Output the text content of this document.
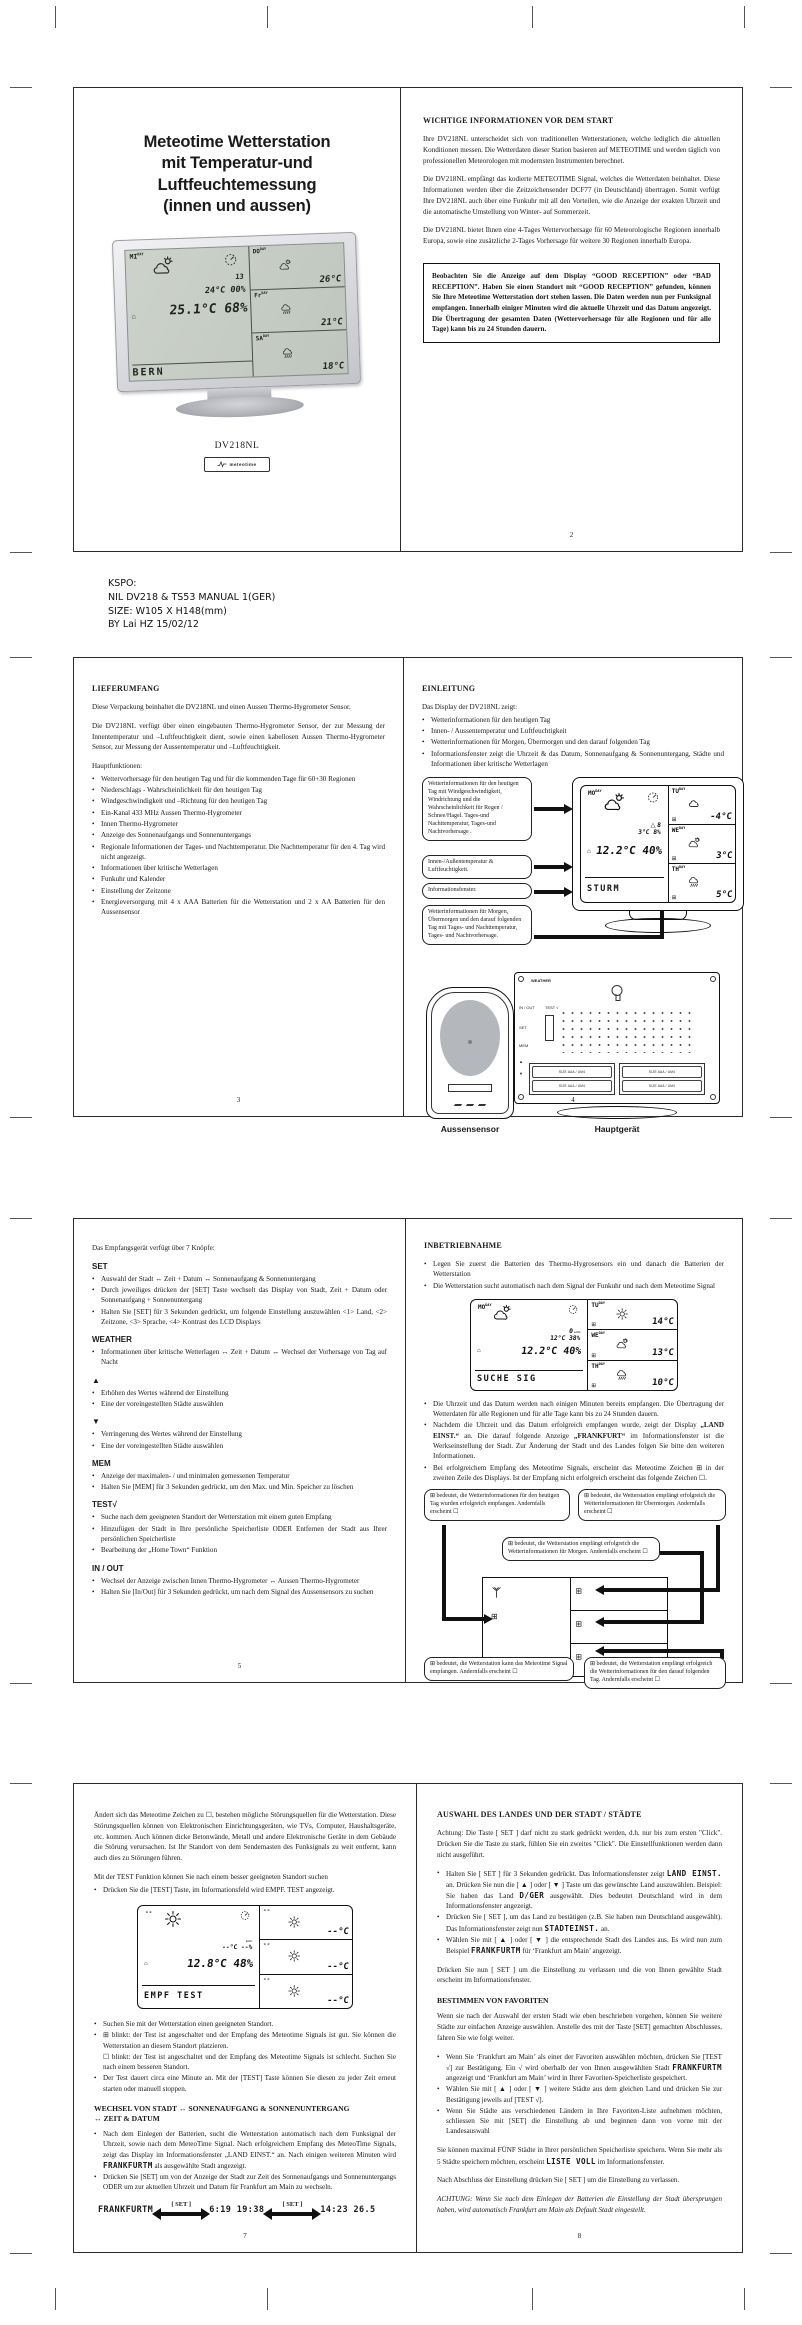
Meteotime Wetterstation
mit Temperatur-und
Luftfeuchtemessung
(innen und aussen)
$MI^{DAY}$
13
24°C 00%
⌂	25.1°C 68%
BERN
$DO^{DAY}$
26°C
$Fr^{DAY}$
21°C
$SA^{DAY}$
18°C
DV218NL
meteotime
WICHTIGE INFORMATIONEN VOR DEM START

Ihre DV218NL unterscheidet sich von traditionellen Wetterstationen, welche lediglich die aktuellen Konditionen messen. Die Wetterdaten dieser Station basieren auf METEOTIME und werden täglich von professionellen Meteorologen mit modernsten Instrumenten berechnet.

Die DV218NL empfängt das kodierte METEOTIME Signal, welches die Wetterdaten beinhaltet. Diese Informationen werden über die Zeitzeichensender DCF77 (in Deutschland) übertragen. Somit verfügt Ihre DV218NL auch über eine Funkuhr mit all den Vorteilen, wie die Anzeige der exakten Uhrzeit und die automatische Umstellung von Winter- auf Sommerzeit.

Die DV218NL bietet Ihnen eine 4-Tages Wettervorhersage für 60 Meteorologische Regionen innerhalb Europa, sowie eine zusätzliche 2-Tages Vorhersage für weitere 30 Regionen innerhalb Europa.

Beobachten Sie die Anzeige auf dem Display “GOOD RECEPTION” oder “BAD RECEPTION”. Haben Sie einen Standort mit “GOOD RECEPTION” gefunden, können Sie Ihre Meteotime Wetterstation dort stehen lassen. Die Daten werden nun per Funksignal empfangen. Innerhalb einiger Minuten wird die aktuelle Uhrzeit und das Datum angezeigt. Die Übertragung der gesamten Daten (Wettervorhersage für alle Regionen und für alle Tage) kann bis zu 24 Stunden dauern.
2
KSPO:
NIL DV218 & TS53 MANUAL 1(GER)
SIZE: W105 X H148(mm)
BY Lai HZ 15/02/12
LIEFERUMFANG

Diese Verpackung beinhaltet die DV218NL und einen Aussen Thermo-Hygrometer Sensor.

Die DV218NL verfügt über einen eingebauten Thermo-Hygrometer Sensor, der zur Messung der Innentemperatur und –Luftfeuchtigkeit dient, sowie einen kabellosen Aussen Thermo-Hygrometer Sensor, zur Messung der Aussentemperatur und –Luftfeuchtigkeit.

Hauptfunktionen:

• Wettervorhersage für den heutigen Tag und für die kommenden Tage für 60+30 Regionen
• Niederschlags - Wahrscheinlichkeit für den heutigen Tag
• Windgeschwindigkeit und –Richtung für den heutigen Tag
• Ein-Kanal 433 MHz Aussen Thermo-Hygrometer
• Innen Thermo-Hygrometer
• Anzeige des Sonnenaufgangs und Sonnenuntergangs
• Regionale Informationen der Tages- und Nachttemperatur. Die Nachttemperatur für den 4. Tag wird nicht angezeigt.
• Informationen über kritische Wetterlagen
• Funkuhr und Kalender
• Einstellung der Zeitzone
• Energieversorgung mit 4 x AAA Batterien für die Wetterstation und 2 x AA Batterien für den Aussensensor
3
EINLEITUNG

Das Display der DV218NL zeigt:

• Wetterinformationen für den heutigen Tag
• Innen- / Aussentemperatur und Luftfeuchtigkeit
• Wetterinformationen für Morgen, Übermorgen und den darauf folgenden Tag
• Informationsfenster zeigt die Uhrzeit & das Datum, Sonnenaufgang & Sonnenuntergang, Städte und Informationen über kritische Wetterlagen
Wetterinformationen für den heutigen Tag mit Windgeschwindigkeit, Windrichtung und die Wahrscheinlichkeit für Regen / Schnee/Hagel. Tages-und Nachttemperatur, Tages-und Nachtvorhersage .
Innen-/Außentemperatur & Luftfeuchtigkeit.
Informationsfenster.
Wetterinformationen für Morgen, Übermorgen und den darauf folgenden Tag mit Tages- und Nachttemperatur, Tages- und Nachtvorhersage.
$MO^{DAY}$
△ 8
3°C 8%
⌂ 12.2°C 40%
STURM
$TU^{DAY}$
⊞	-4°C
$WE^{DAY}$
⊞	3°C
$TH^{DAY}$
⊞	5°C
Aussensensor
WEATHER
IN / OUT	TEST √
SET
MEM
▲
▼	SIZE AAA / UM4
SIZE AAA / UM4
SIZE AAA / UM4
SIZE AAA / UM4
Hauptgerät
4

Das Empfangsgerät verfügt über 7 Knöpfe:

SET
• Auswahl der Stadt ↔ Zeit + Datum ↔ Sonnenaufgang & Sonnenuntergang
• Durch jeweiliges drücken der [SET] Taste wechselt das Display von Stadt, Zeit + Datum oder Sonnenaufgang + Sonnenuntergang
• Halten Sie [SET] für 3 Sekunden gedrückt, um folgende Einstellung auszuwählen <1> Land, <2> Zeitzone, <3> Sprache, <4> Kontrast des LCD Displays
WEATHER
• Informationen über kritische Wetterlagen ↔ Zeit + Datum ↔ Wechsel der Vorhersage von Tag auf Nacht
▲
• Erhöhen des Wertes während der Einstellung
• Eine der voreingestellten Städte auswählen
▼
• Verringerung des Wertes während der Einstellung
• Eine der voreingestellten Städte auswählen
MEM
• Anzeige der maximalen- / und minimalen gemessenen Temperatur
• Halten Sie [MEM] für 3 Sekunden gedrückt, um den Max. und Min. Speicher zu löschen
TEST√
• Suche nach dem geeigneten Standort der Wetterstation mit einem guten Empfang
• Hinzufügen der Stadt in Ihre persönliche Speicherliste ODER Entfernen der Stadt aus Ihrer persönlichen Speicherliste
• Bearbeitung der „Home Town“ Funktion
IN / OUT
• Wechsel der Anzeige zwischen Innen Thermo-Hygrometer ↔ Aussen Thermo-Hygrometer
• Halten Sie [In/Out] für 3 Sekunden gedrückt, um nach dem Signal des Aussensensors zu suchen
5
INBETRIEBNAHME
• Legen Sie zuerst die Batterien des Thermo-Hygrosensors ein und danach die Batterien der Wetterstation
• Die Wetterstation sucht automatisch nach dem Signal der Funkuhr und nach dem Meteotime Signal
$MO^{DAY}$
0 kmh
12°C 38%
⌂	12.2°C 40%
SUCHE SIG
$TU^{DAY}$
⊞	14°C
$WE^{DAY}$
⊞	13°C
$TH^{DAY}$
⊞	10°C
• Die Uhrzeit und das Datum werden nach einigen Minuten bereits empfangen. Die Übertragung der Wetterdaten für alle Regionen und für alle Tage kann bis zu 24 Stunden dauern.
• Nachdem die Uhrzeit und das Datum erfolgreich empfangen wurde, zeigt der Display „LAND EINST.“ an. Die darauf folgende Anzeige „FRANKFURT“ im Informationsfenster ist die Werkseinstellung der Stadt. Zur Änderung der Stadt und des Landes folgen Sie bitte den weiteren Informationen.
• Bei erfolgreichem Empfang des Meteotime Signals, erscheint das Meteotime Zeichen ⊞ in der zweiten Zeile des Displays. Ist der Empfang nicht erfolgreich erscheint das folgende Zeichen ☐.
⊞ bedeutet, die Wetterinformationen für den heutigen Tag wurden erfolgreich empfangen. Andernfalls erscheint ☐
⊞ bedeutet, die Wetterstation empfängt erfolgreich die Wetterinformationen für Übermorgen. Andernfalls erscheint ☐
⊞ bedeutet, die Wetterstation empfängt erfolgreich die Wetterinformationen für Morgen. Andernfalls erscheint ☐
⊞
⊞
⊞
⊞
⊞ bedeutet, die Wetterstation kann das Meteotime Signal empfangen. Andernfalls erscheint ☐
⊞ bedeutet, die Wetterstation empfängt erfolgreich die Wetterinformationen für den darauf folgenden Tag. Andernfalls erscheint ☐

Ändert sich das Meteotime Zeichen zu ☐, bestehen mögliche Störungsquellen für die Wetterstation. Diese Störungsquellen können von Elektronischen Einrichtungsgeräten, wie TVs, Computer, Haushaltsgeräte, etc. kommen. Auch können dicke Betonwände, Metall und andere Elektronische Geräte in dem Gebäude die Störung verursachen. Ist Ihr Standort von dem Sendemasten des Funksignals zu weit entfernt, kann auch dies zu Störungen führen.

Mit der TEST Funktion können Sie nach einem besser geeigneten Standort suchen

• Drücken Sie die [TEST] Taste, im Informationsfeld wird EMPF. TEST angezeigt.
--
kmh
--°C --%
⌂	12.8°C 48%
EMPF TEST
--
--°C
--
--°C
--
--°C
• Suchen Sie mit der Wetterstation einen geeigneten Standort.
• ⊞ blinkt: der Test ist angeschaltet und der Empfang des Meteotime Signals ist gut. Sie können die Wetterstation an diesem Standort platzieren.

☐ blinkt: der Test ist angeschaltet und der Empfang des Meteotime Signals ist schlecht. Suchen Sie nach einem besseren Standort.
• Der Test dauert circa eine Minute an. Mit der [TEST] Taste können Sie diesen zu jeder Zeit erneut starten oder manuell stoppen.
WECHSEL VON STADT ↔ SONNENAUFGANG & SONNENUNTERGANG
↔ ZEIT & DATUM
• Nach dem Einlegen der Batterien, sucht die Wetterstation automatisch nach dem Funksignal der Uhrzeit, sowie nach dem MeteoTime Signal. Nach erfolgreichem Empfang des MeteoTime Signals, zeigt das Display im Informationsfenster „LAND EINST.“ an. Nach einigen weiteren Minuten wird FRANKFURTM als ausgewählte Stadt angezeigt.
• Drücken Sie [SET] um von der Anzeige der Stadt zur Zeit des Sonnenaufgangs und Sonnenuntergangs ODER um zur aktuellen Uhrzeit und Datum für Frankfurt am Main zu wechseln.
FRANKFURTM
[ SET ]
6:19 19:38
[ SET ]
14:23 26.5
7
AUSWAHL DES LANDES UND DER STADT / STÄDTE

Achtung: Die Taste [ SET ] darf nicht zu stark gedrückt werden, d.h. nur bis zum ersten "Click". Drücken Sie die Taste zu stark, fühlen Sie ein zweites "Click". Die Einstellfunktionen werden dann nicht ausgeführt.

• Halten Sie [ SET ] für 3 Sekunden gedrückt. Das Informationsfenster zeigt LAND EINST. an. Drücken Sie nun die [ ▲ ] oder [ ▼ ] Taste um das gewünschte Land auszuwählen. Beispiel: Sie haben das Land D/GER ausgewählt. Dies bedeutet Deutschland wird in dem Informationsfenster angezeigt.
• Drücken Sie [ SET ], um das Land zu bestätigen (z.B. Sie haben nun Deutschland ausgewählt). Das Informationsfenster zeigt nun STADTEINST. an.
• Wählen Sie mit [ ▲ ] oder [ ▼ ] die entsprechende Stadt des Landes aus. Es wird nun zum Beispiel FRANKFURTM für ‘Frankfurt am Main’ angezeigt.

Drücken Sie nun [ SET ] um die Einstellung zu verlassen und die von Ihnen gewählte Stadt erscheint im Informationsfenster.

BESTIMMEN VON FAVORITEN

Wenn sie nach der Auswahl der ersten Stadt wie eben beschrieben vorgehen, können Sie weitere Städte zur einfachen Anzeige auswählen. Anstelle des mit der Taste [SET] gemachten Abschlusses, fahren Sie wie folgt weiter.

• Wenn Sie ‘Frankfurt am Main’ als einer der Favoriten auswählen möchten, drücken Sie [TEST √] zur Bestätigung. Ein √ wird oberhalb der von Ihnen ausgewählten Stadt FRANKFURTM angezeigt und ‘Frankfurt am Main’ wird in Ihrer Favoriten-Speicherliste gespeichert.
• Wählen Sie mit [ ▲ ] oder [ ▼ ] weitere Städte aus dem gleichen Land und drücken Sie zur Bestätigung jeweils auf [TEST √].
• Wenn Sie Städte aus verschiedenen Ländern in Ihre Favoriten-Liste aufnehmen möchten, schliessen Sie mit [SET] die Einstellung ab und beginnen dann von vorne mit der Landesauswahl

Sie können maximal FÜNF Städte in Ihrer persönlichen Speicherliste speichern. Wenn Sie mehr als 5 Städte speichern möchten, erscheint LISTE VOLL im Informationsfenster.

Nach Abschluss der Einstellung drücken Sie [ SET ] um die Einstellung zu verlassen.

ACHTUNG: Wenn Sie nach dem Einlegen der Batterien die Einstellung der Stadt übersprungen haben, wird automatisch Frankfurt am Main als Default Stadt eingestellt.

8
